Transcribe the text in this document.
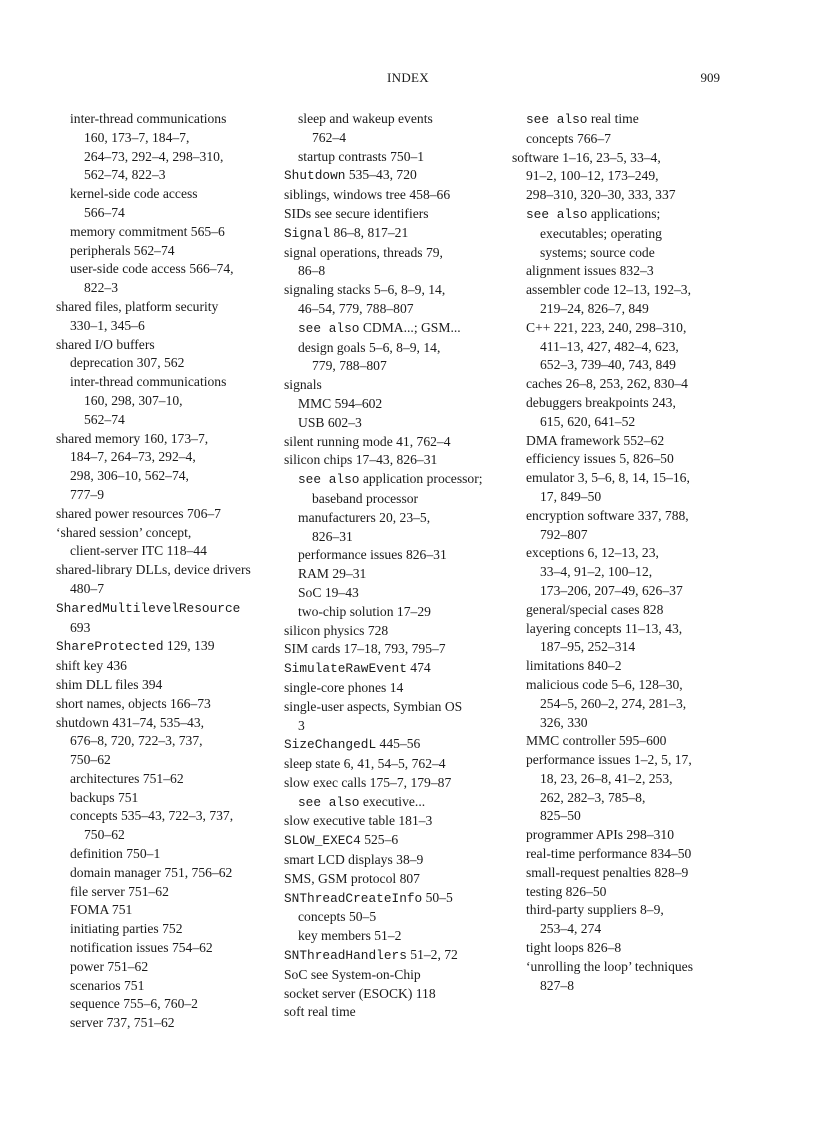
INDEX	909
inter-thread communications
160, 173–7, 184–7,
264–73, 292–4, 298–310,
562–74, 822–3
kernel-side code access
566–74
memory commitment 565–6
peripherals 562–74
user-side code access 566–74,
822–3
shared files, platform security
330–1, 345–6
shared I/O buffers
deprecation 307, 562
inter-thread communications
160, 298, 307–10,
562–74
shared memory 160, 173–7,
184–7, 264–73, 292–4,
298, 306–10, 562–74,
777–9
shared power resources 706–7
‘shared session’ concept,
client-server ITC 118–44
shared-library DLLs, device drivers
480–7
SharedMultilevelResource
693
ShareProtected 129, 139
shift key 436
shim DLL files 394
short names, objects 166–73
shutdown 431–74, 535–43,
676–8, 720, 722–3, 737,
750–62
architectures 751–62
backups 751
concepts 535–43, 722–3, 737,
750–62
definition 750–1
domain manager 751, 756–62
file server 751–62
FOMA 751
initiating parties 752
notification issues 754–62
power 751–62
scenarios 751
sequence 755–6, 760–2
server 737, 751–62
sleep and wakeup events
762–4
startup contrasts 750–1
Shutdown 535–43, 720
siblings, windows tree 458–66
SIDs see secure identifiers
Signal 86–8, 817–21
signal operations, threads 79,
86–8
signaling stacks 5–6, 8–9, 14,
46–54, 779, 788–807
see also CDMA...; GSM...
design goals 5–6, 8–9, 14,
779, 788–807
signals
MMC 594–602
USB 602–3
silent running mode 41, 762–4
silicon chips 17–43, 826–31
see also application processor;
baseband processor
manufacturers 20, 23–5,
826–31
performance issues 826–31
RAM 29–31
SoC 19–43
two-chip solution 17–29
silicon physics 728
SIM cards 17–18, 793, 795–7
SimulateRawEvent 474
single-core phones 14
single-user aspects, Symbian OS
3
SizeChangedL 445–56
sleep state 6, 41, 54–5, 762–4
slow exec calls 175–7, 179–87
see also executive...
slow executive table 181–3
SLOW_EXEC4 525–6
smart LCD displays 38–9
SMS, GSM protocol 807
SNThreadCreateInfo 50–5
concepts 50–5
key members 51–2
SNThreadHandlers 51–2, 72
SoC see System-on-Chip
socket server (ESOCK) 118
soft real time
see also real time
concepts 766–7
software 1–16, 23–5, 33–4,
91–2, 100–12, 173–249,
298–310, 320–30, 333, 337
see also applications;
executables; operating
systems; source code
alignment issues 832–3
assembler code 12–13, 192–3,
219–24, 826–7, 849
C++ 221, 223, 240, 298–310,
411–13, 427, 482–4, 623,
652–3, 739–40, 743, 849
caches 26–8, 253, 262, 830–4
debuggers breakpoints 243,
615, 620, 641–52
DMA framework 552–62
efficiency issues 5, 826–50
emulator 3, 5–6, 8, 14, 15–16,
17, 849–50
encryption software 337, 788,
792–807
exceptions 6, 12–13, 23,
33–4, 91–2, 100–12,
173–206, 207–49, 626–37
general/special cases 828
layering concepts 11–13, 43,
187–95, 252–314
limitations 840–2
malicious code 5–6, 128–30,
254–5, 260–2, 274, 281–3,
326, 330
MMC controller 595–600
performance issues 1–2, 5, 17,
18, 23, 26–8, 41–2, 253,
262, 282–3, 785–8,
825–50
programmer APIs 298–310
real-time performance 834–50
small-request penalties 828–9
testing 826–50
third-party suppliers 8–9,
253–4, 274
tight loops 826–8
‘unrolling the loop’ techniques
827–8
